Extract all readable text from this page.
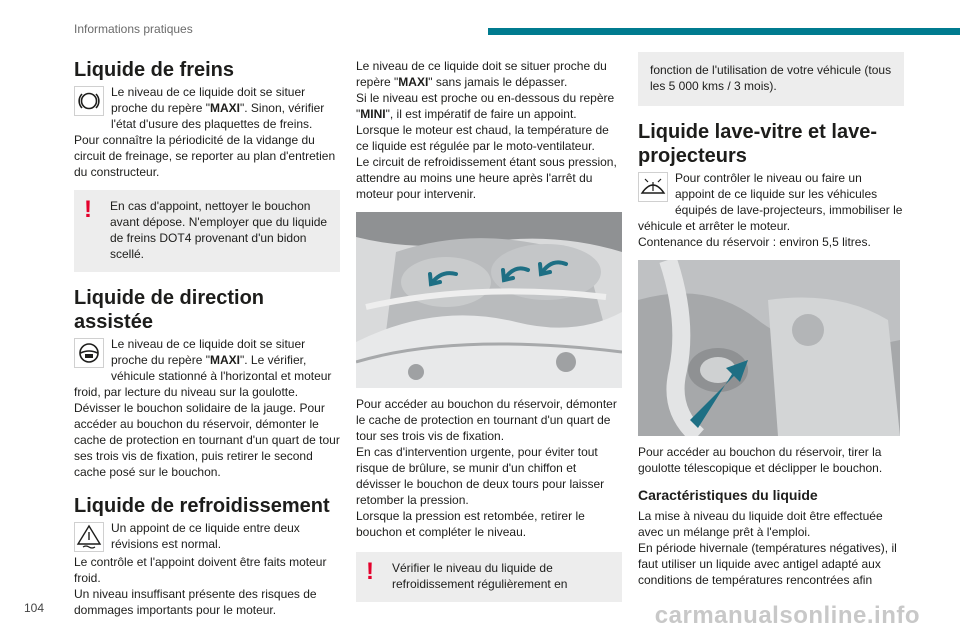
Informations pratiques
Liquide de freins

Le niveau de ce liquide doit se situer proche du repère "MAXI". Sinon, vérifier l'état d'usure des plaquettes de freins.

Pour connaître la périodicité de la vidange du circuit de freinage, se reporter au plan d'entretien du constructeur.

! En cas d'appoint, nettoyer le bouchon avant dépose. N'employer que du liquide de freins DOT4 provenant d'un bidon scellé.
Liquide de direction assistée

Le niveau de ce liquide doit se situer proche du repère "MAXI". Le vérifier, véhicule stationné à l'horizontal et moteur froid, par lecture du niveau sur la goulotte.

Dévisser le bouchon solidaire de la jauge. Pour accéder au bouchon du réservoir, démonter le cache de protection en tournant d'un quart de tour ses trois vis de fixation, puis retirer le second cache posé sur le bouchon.

Liquide de refroidissement

Un appoint de ce liquide entre deux révisions est normal.

Le contrôle et l'appoint doivent être faits moteur froid.

Un niveau insuffisant présente des risques de dommages importants pour le moteur.

Le niveau de ce liquide doit se situer proche du repère "MAXI" sans jamais le dépasser.

Si le niveau est proche ou en-dessous du repère "MINI", il est impératif de faire un appoint.

Lorsque le moteur est chaud, la température de ce liquide est régulée par le moto-ventilateur.

Le circuit de refroidissement étant sous pression, attendre au moins une heure après l'arrêt du moteur pour intervenir.

Pour accéder au bouchon du réservoir, démonter le cache de protection en tournant d'un quart de tour ses trois vis de fixation.

En cas d'intervention urgente, pour éviter tout risque de brûlure, se munir d'un chiffon et dévisser le bouchon de deux tours pour laisser retomber la pression.

Lorsque la pression est retombée, retirer le bouchon et compléter le niveau.

! Vérifier le niveau du liquide de refroidissement régulièrement en
fonction de l'utilisation de votre véhicule (tous les 5 000 kms / 3 mois).
Liquide lave-vitre et lave-projecteurs

Pour contrôler le niveau ou faire un appoint de ce liquide sur les véhicules équipés de lave-projecteurs, immobiliser le véhicule et arrêter le moteur.

Contenance du réservoir : environ 5,5 litres.

Pour accéder au bouchon du réservoir, tirer la goulotte télescopique et déclipper le bouchon.

Caractéristiques du liquide

La mise à niveau du liquide doit être effectuée avec un mélange prêt à l'emploi.

En période hivernale (températures négatives), il faut utiliser un liquide avec antigel adapté aux conditions de températures rencontrées afin

104	carmanualsonline.info
